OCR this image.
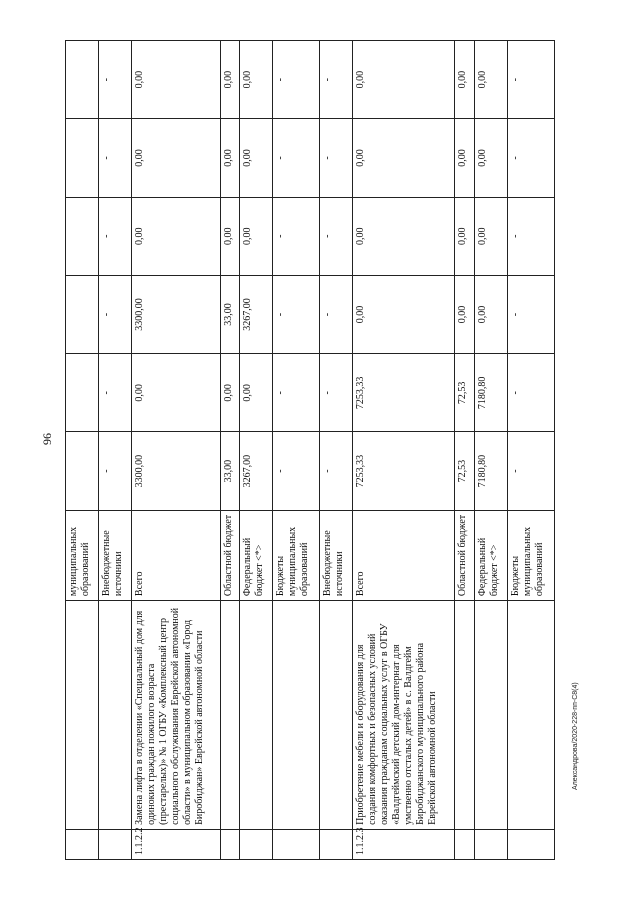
96
		муниципальных образований						
		Внебюджетные источники	-	-	-	-	-	-
1.1.2.2	Замена лифта в отделении «Специальный дом для одиноких граждан пожилого возраста (престарелых)» № 1 ОГБУ «Комплексный центр социального обслуживания Еврейской автономной области» в муниципальном образовании «Город Биробиджан» Еврейской автономной области	Всего	3300,00	0,00	3300,00	0,00	0,00	0,00
		Областной бюджет	33,00	0,00	33,00	0,00	0,00	0,00
		Федеральный бюджет <*>	3267,00	0,00	3267,00	0,00	0,00	0,00
		Бюджеты муниципальных образований	-	-	-	-	-	-
		Внебюджетные источники	-	-	-	-	-	-
1.1.2.3	Приобретение мебели и оборудования для создания комфортных и безопасных условий оказания гражданам социальных услуг в ОГБУ «Валдгеймский детский дом-интернат для умственно отсталых детей» в с. Валдгейм Биробиджанского муниципального района Еврейской автономной области	Всего	7253,33	7253,33	0,00	0,00	0,00	0,00
		Областной бюджет	72,53	72,53	0,00	0,00	0,00	0,00
		Федеральный бюджет <*>	7180,80	7180,80	0,00	0,00	0,00	0,00
		Бюджеты муниципальных образований	-	-	-	-	-	-
Александрова/2020-228-пп-С8(4)
